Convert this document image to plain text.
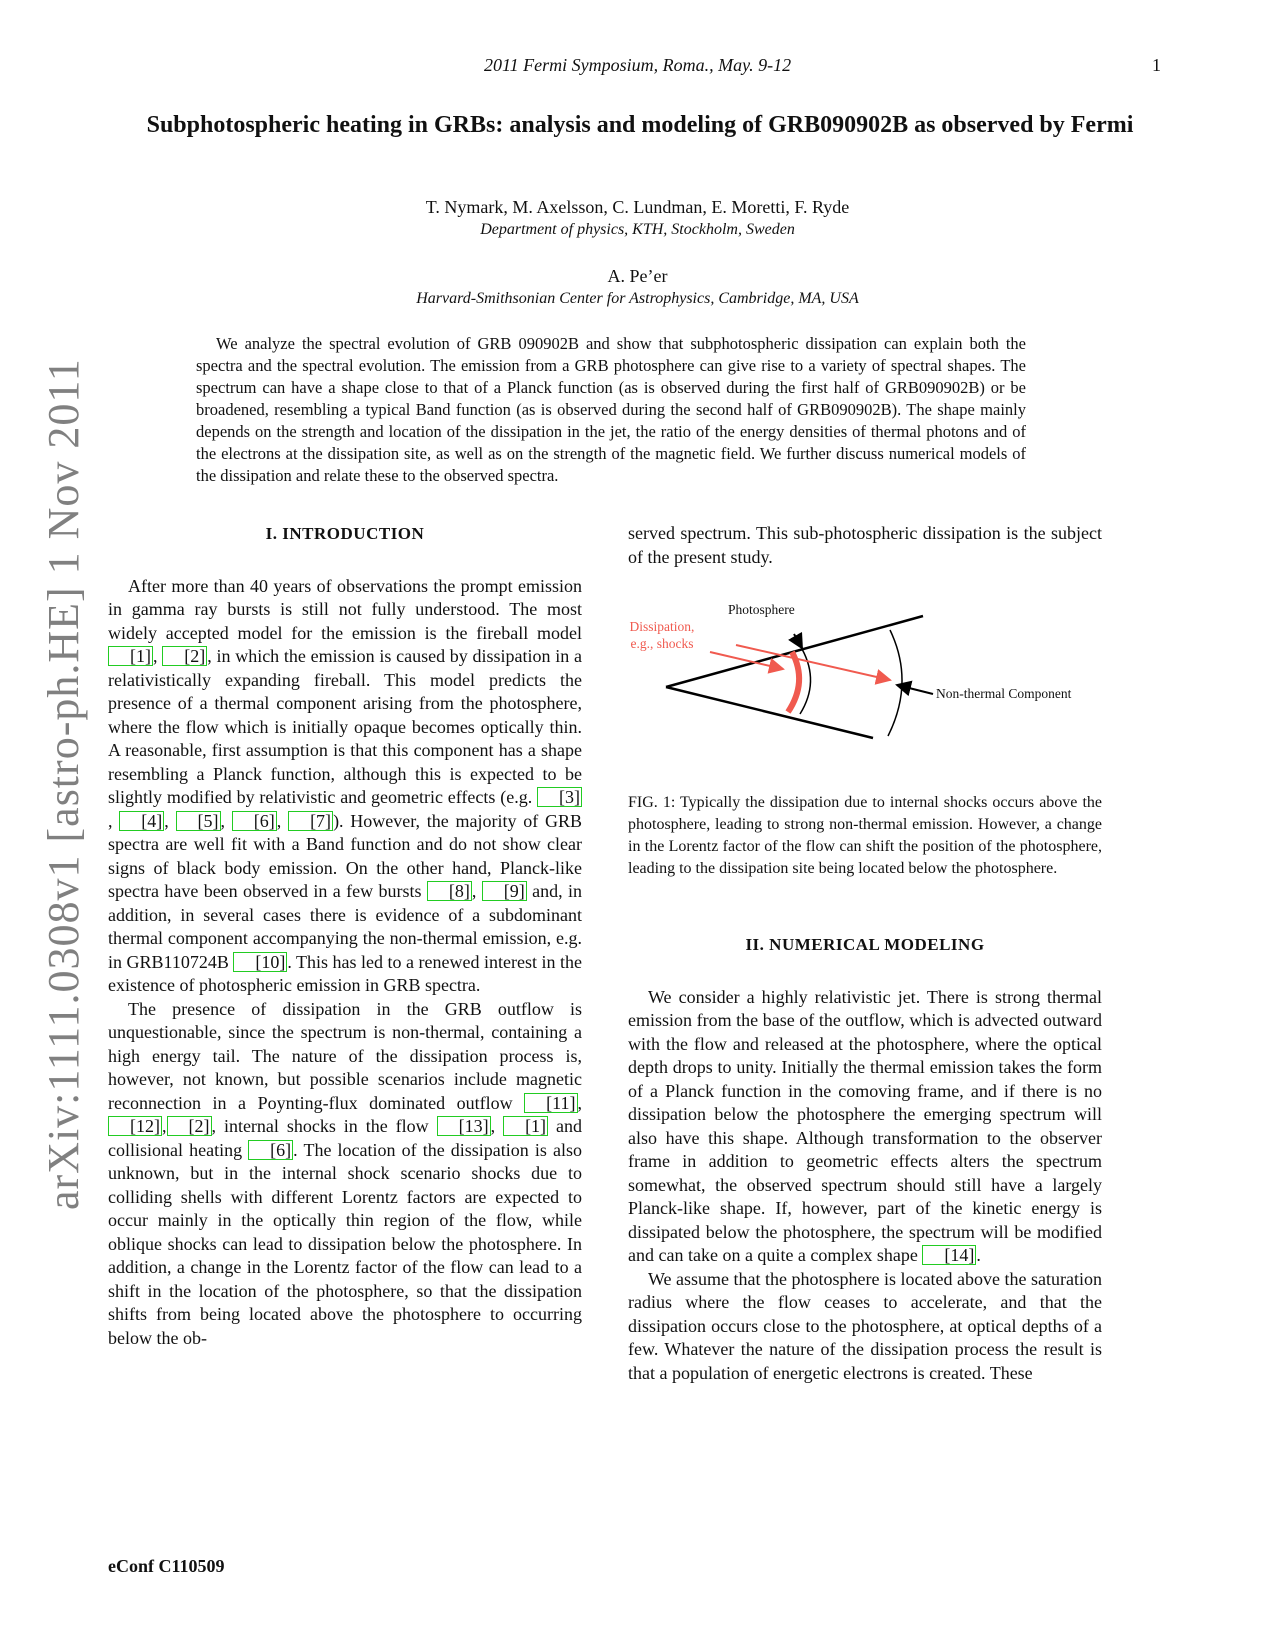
2011 Fermi Symposium, Roma., May. 9-12	1
arXiv:1111.0308v1 [astro-ph.HE] 1 Nov 2011
Subphotospheric heating in GRBs: analysis and modeling of GRB090902B as observed by Fermi
T. Nymark, M. Axelsson, C. Lundman, E. Moretti, F. Ryde
Department of physics, KTH, Stockholm, Sweden
A. Pe’er
Harvard-Smithsonian Center for Astrophysics, Cambridge, MA, USA

We analyze the spectral evolution of GRB 090902B and show that subphotospheric dissipation can explain both the spectra and the spectral evolution. The emission from a GRB photosphere can give rise to a variety of spectral shapes. The spectrum can have a shape close to that of a Planck function (as is observed during the first half of GRB090902B) or be broadened, resembling a typical Band function (as is observed during the second half of GRB090902B). The shape mainly depends on the strength and location of the dissipation in the jet, the ratio of the energy densities of thermal photons and of the electrons at the dissipation site, as well as on the strength of the magnetic field. We further discuss numerical models of the dissipation and relate these to the observed spectra.

I. INTRODUCTION

After more than 40 years of observations the prompt emission in gamma ray bursts is still not fully understood. The most widely accepted model for the emission is the fireball model [1] , [2] , in which the emission is caused by dissipation in a relativistically expanding fireball. This model predicts the presence of a thermal component arising from the photosphere, where the flow which is initially opaque becomes optically thin. A reasonable, first assumption is that this component has a shape resembling a Planck function, although this is expected to be slightly modified by relativistic and geometric effects (e.g. [3], [4] , [5] , [6] , [7] ). However, the majority of GRB spectra are well fit with a Band function and do not show clear signs of black body emission. On the other hand, Planck-like spectra have been observed in a few bursts [8] , [9] and, in addition, in several cases there is evidence of a subdominant thermal component accompanying the non-thermal emission, e.g. in GRB110724B [10] . This has led to a renewed interest in the existence of photospheric emission in GRB spectra.

The presence of dissipation in the GRB outflow is unquestionable, since the spectrum is non-thermal, containing a high energy tail. The nature of the dissipation process is, however, not known, but possible scenarios include magnetic reconnection in a Poynting-flux dominated outflow [11] ,[12] , [2] , internal shocks in the flow [13] , [1] and collisional heating [6] . The location of the dissipation is also unknown, but in the internal shock scenario shocks due to colliding shells with different Lorentz factors are expected to occur mainly in the optically thin region of the flow, while oblique shocks can lead to dissipation below the photosphere. In addition, a change in the Lorentz factor of the flow can lead to a shift in the location of the photosphere, so that the dissipation shifts from being located above the photosphere to occurring below the ob-

served spectrum. This sub-photospheric dissipation is the subject of the present study.

Photosphere
Dissipation,
e.g., shocks
Non-thermal Component
FIG. 1: Typically the dissipation due to internal shocks occurs above the photosphere, leading to strong non-thermal emission. However, a change in the Lorentz factor of the flow can shift the position of the photosphere, leading to the dissipation site being located below the photosphere.
II. NUMERICAL MODELING

We consider a highly relativistic jet. There is strong thermal emission from the base of the outflow, which is advected outward with the flow and released at the photosphere, where the optical depth drops to unity. Initially the thermal emission takes the form of a Planck function in the comoving frame, and if there is no dissipation below the photosphere the emerging spectrum will also have this shape. Although transformation to the observer frame in addition to geometric effects alters the spectrum somewhat, the observed spectrum should still have a largely Planck-like shape. If, however, part of the kinetic energy is dissipated below the photosphere, the spectrum will be modified and can take on a quite a complex shape [14] .

We assume that the photosphere is located above the saturation radius where the flow ceases to accelerate, and that the dissipation occurs close to the photosphere, at optical depths of a few. Whatever the nature of the dissipation process the result is that a population of energetic electrons is created. These

eConf C110509
